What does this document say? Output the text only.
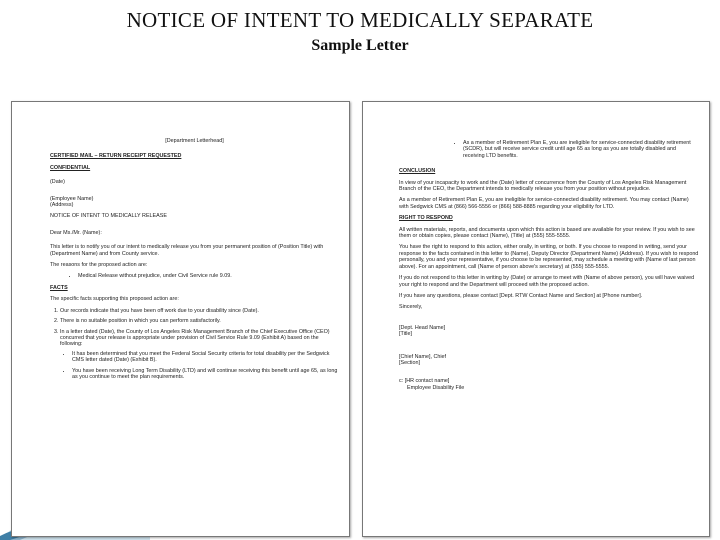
NOTICE OF INTENT TO MEDICALLY SEPARATE
Sample Letter
[Department Letterhead]
CERTIFIED MAIL – RETURN RECEIPT REQUESTED
CONFIDENTIAL
(Date)
(Employee Name)
(Address)
NOTICE OF INTENT TO MEDICALLY RELEASE
Dear Ms./Mr. (Name):
This letter is to notify you of our intent to medically release you from your permanent position of (Position Title) with (Department Name) and from County service.
The reasons for the proposed action are:
• Medical Release without prejudice, under Civil Service rule 9.09.
FACTS
The specific facts supporting this proposed action are:
1. Our records indicate that you have been off work due to your disability since (Date).
2. There is no suitable position in which you can perform satisfactorily.
3. In a letter dated (Date), the County of Los Angeles Risk Management Branch of the Chief Executive Office (CEO) concurred that your release is appropriate under provision of Civil Service Rule 9.09 (Exhibit A) based on the following:
• It has been determined that you meet the Federal Social Security criteria for total disability per the Sedgwick CMS letter dated (Date) (Exhibit B).
• You have been receiving Long Term Disability (LTD) and will continue receiving this benefit until age 65, as long as you continue to meet the plan requirements.
• As a member of Retirement Plan E, you are ineligible for service-connected disability retirement (SCDR), but will receive service credit until age 65 as long as you are totally disabled and receiving LTD benefits.
CONCLUSION
In view of your incapacity to work and the (Date) letter of concurrence from the County of Los Angeles Risk Management Branch of the CEO, the Department intends to medically release you from your position without prejudice.
As a member of Retirement Plan E, you are ineligible for service-connected disability retirement. You may contact (Name) with Sedgwick CMS at (866) 566-5556 or (866) 588-8885 regarding your eligibility for LTD.
RIGHT TO RESPOND
All written materials, reports, and documents upon which this action is based are available for your review. If you wish to see them or obtain copies, please contact (Name), (Title) at (555) 555-5555.
You have the right to respond to this action, either orally, in writing, or both. If you choose to respond in writing, send your response to the facts contained in this letter to (Name), Deputy Director (Department Name) (Address). If you wish to respond personally, you and your representative, if you choose to be represented, may schedule a meeting with (Name of last person above). For an appointment, call (Name of person above's secretary) at (555) 555-5555.
If you do not respond to this letter in writing by (Date) or arrange to meet with (Name of above person), you will have waived your right to respond and the Department will proceed with the proposed action.
If you have any questions, please contact [Dept. RTW Contact Name and Section] at [Phone number].
Sincerely,
[Dept. Head Name]
[Title]
[Chief Name], Chief
[Section]
c: [HR contact name]
Employee Disability File
